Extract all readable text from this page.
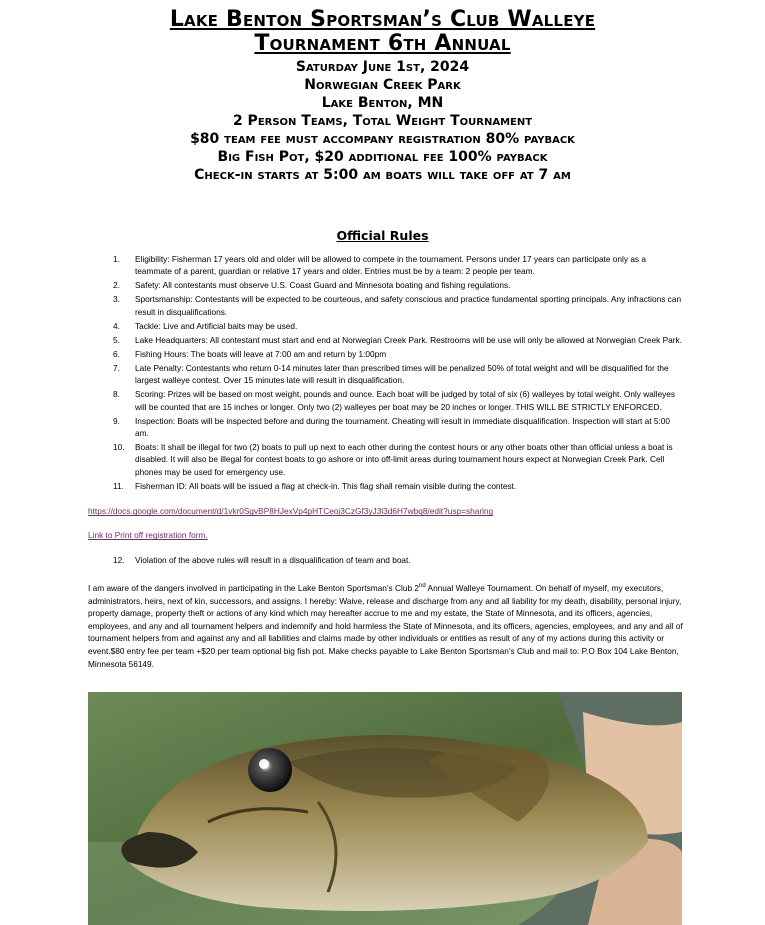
Lake Benton Sportsman’s Club Walleye
Tournament 6th Annual
Saturday June 1st, 2024
Norwegian Creek Park
Lake Benton, MN
2 Person Teams, Total Weight Tournament
$80 team fee must accompany registration 80% payback
Big Fish Pot, $20 additional fee 100% payback
Check-in starts at 5:00 am boats will take off at 7 am
Official Rules
1. Eligibility: Fisherman 17 years old and older will be allowed to compete in the tournament. Persons under 17 years can participate only as a teammate of a parent, guardian or relative 17 years and older. Entries must be by a team: 2 people per team.
2. Safety: All contestants must observe U.S. Coast Guard and Minnesota boating and fishing regulations.
3. Sportsmanship: Contestants will be expected to be courteous, and safety conscious and practice fundamental sporting principals. Any infractions can result in disqualifications.
4. Tackle: Live and Artificial baits may be used.
5. Lake Headquarters: All contestant must start and end at Norwegian Creek Park. Restrooms will be use will only be allowed at Norwegian Creek Park.
6. Fishing Hours: The boats will leave at 7:00 am and return by 1:00pm
7. Late Penalty: Contestants who return 0-14 minutes later than prescribed times will be penalized 50% of total weight and will be disqualified for the largest walleye contest. Over 15 minutes late will result in disqualification.
8. Scoring: Prizes will be based on most weight, pounds and ounce. Each boat will be judged by total of six (6) walleyes by total weight. Only walleyes will be counted that are 15 inches or longer. Only two (2) walleyes per boat may be 20 inches or longer. THIS WILL BE STRICTLY ENFORCED.
9. Inspection: Boats will be inspected before and during the tournament. Cheating will result in immediate disqualification. Inspection will start at 5:00 am.
10. Boats: It shall be illegal for two (2) boats to pull up next to each other during the contest hours or any other boats other than official unless a boat is disabled. It will also be illegal for contest boats to go ashore or into off-limit areas during tournament hours expect at Norwegian Creek Park. Cell phones may be used for emergency use.
11. Fisherman ID: All boats will be issued a flag at check-in. This flag shall remain visible during the contest.
https://docs.google.com/document/d/1vkr0SgvBP8HJexVp4pHTCeoj3CzGf3yJ3l3d6H7wbq8/edit?usp=sharing
Link to Print off registration form.
12. Violation of the above rules will result in a disqualification of team and boat.
I am aware of the dangers involved in participating in the Lake Benton Sportsman’s Club 2nd Annual Walleye Tournament. On behalf of myself, my executors, administrators, heirs, next of kin, successors, and assigns. I hereby: Waive, release and discharge from any and all liability for my death, disability, personal injury, property damage, property theft or actions of any kind which may hereafter accrue to me and my estate, the State of Minnesota, and its officers, agencies, employees, and any and all tournament helpers and indemnify and hold harmless the State of Minnesota, and its officers, agencies, employees, and any and all of tournament helpers from and against any and all liabilities and claims made by other individuals or entities as result of any of my actions during this activity or event.$80 entry fee per team +$20 per team optional big fish pot. Make checks payable to Lake Benton Sportsman’s Club and mail to: P.O Box 104 Lake Benton, Minnesota 56149.
